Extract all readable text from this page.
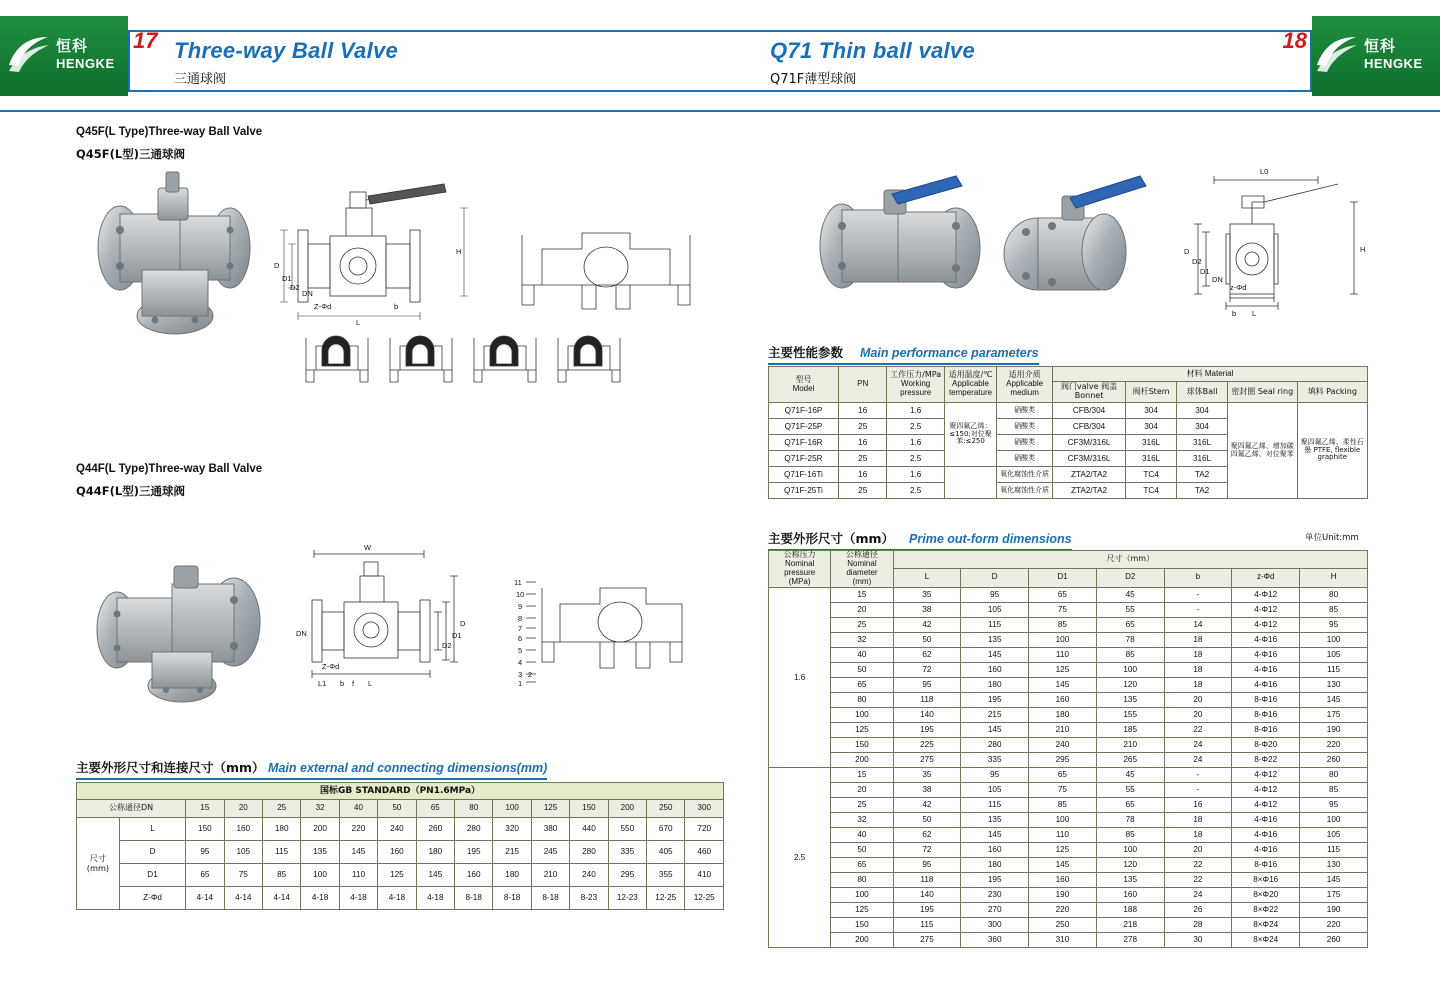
恒科
HENGKE
恒科
HENGKE
17	18
Three-way Ball Valve
三通球阀
Q71 Thin ball valve
Q71F薄型球阀
Q45F(L Type)Three-way Ball Valve
Q45F(L型)三通球阀
D
D1
D2
DN
L
H
Z-Φd	b
Q44F(L Type)Three-way Ball Valve
Q44F(L型)三通球阀
W
DN
L
L1 b f
Z-Φd
D
D1
D2
11
10
9
8
7
6
5
4
3 2
1
主要外形尺寸和连接尺寸（mm） Main external and connecting dimensions(mm)
国标GB STANDARD（PN1.6MPa）															
公称通径DN		15	20	25	32	40	50	65	80	100	125	150	200	250	300
尺寸
(mm)	L	150	160	180	200	220	240	260	280	320	380	440	550	670	720
	D	95	105	115	135	145	160	180	195	215	245	280	335	405	460
	D1	65	75	85	100	110	125	145	160	180	210	240	295	355	410
	Z-Φd	4-14	4-14	4-14	4-18	4-18	4-18	4-18	8-18	8-18	8-18	8-23	12-23	12-25	12-25
L0
H
D
D2
D1
DN
b L
z-Φd
主要性能参数 Main performance parameters
型号
Model	PN	工作压力/MPa
Working pressure	适用温度/℃
Applicable temperature	适用介质
Applicable medium	材料 Material				
					阀门valve 阀盖Bonnet	阀杆Stem	球体Ball	密封圈 Seal ring	填料 Packing
Q71F-16P	16	1.6	聚四氟乙烯：≤150;对位聚苯:≤250	硝酸类	CFB/304	304	304	聚四氟乙烯、增加碳四氟乙烯、对位聚苯	聚四氟乙烯、柔性石墨 PTFE, flexible graphite
Q71F-25P	25	2.5		硝酸类	CFB/304	304	304		
Q71F-16R	16	1.6		硝酸类	CF3M/316L	316L	316L		
Q71F-25R	25	2.5		硝酸类	CF3M/316L	316L	316L		
Q71F-16Ti	16	1.6		氧化腐蚀性介质	ZTA2/TA2	TC4	TA2		
Q71F-25Ti	25	2.5		氧化腐蚀性介质	ZTA2/TA2	TC4	TA2		
主要外形尺寸（mm） Prime out-form dimensions	单位Unit:mm
公称压力
Nominal pressure
(MPa)	公称通径
Nominal diameter
(mm)	尺寸（mm）						
		L	D	D1	D2	b	z-Φd	H
1.6	15	35	95	65	45	-	4-Φ12	80
	20	38	105	75	55	-	4-Φ12	85
	25	42	115	85	65	14	4-Φ12	95
	32	50	135	100	78	18	4-Φ16	100
	40	62	145	110	85	18	4-Φ16	105
	50	72	160	125	100	18	4-Φ16	115
	65	95	180	145	120	18	4-Φ16	130
	80	118	195	160	135	20	8-Φ16	145
	100	140	215	180	155	20	8-Φ16	175
	125	195	145	210	185	22	8-Φ16	190
	150	225	280	240	210	24	8-Φ20	220
	200	275	335	295	265	24	8-Φ22	260
2.5	15	35	95	65	45	-	4-Φ12	80
	20	38	105	75	55	-	4-Φ12	85
	25	42	115	85	65	16	4-Φ12	95
	32	50	135	100	78	18	4-Φ16	100
	40	62	145	110	85	18	4-Φ16	105
	50	72	160	125	100	20	4-Φ16	115
	65	95	180	145	120	22	8-Φ16	130
	80	118	195	160	135	22	8×Φ16	145
	100	140	230	190	160	24	8×Φ20	175
	125	195	270	220	188	26	8×Φ22	190
	150	115	300	250	218	28	8×Φ24	220
	200	275	360	310	278	30	8×Φ24	260
